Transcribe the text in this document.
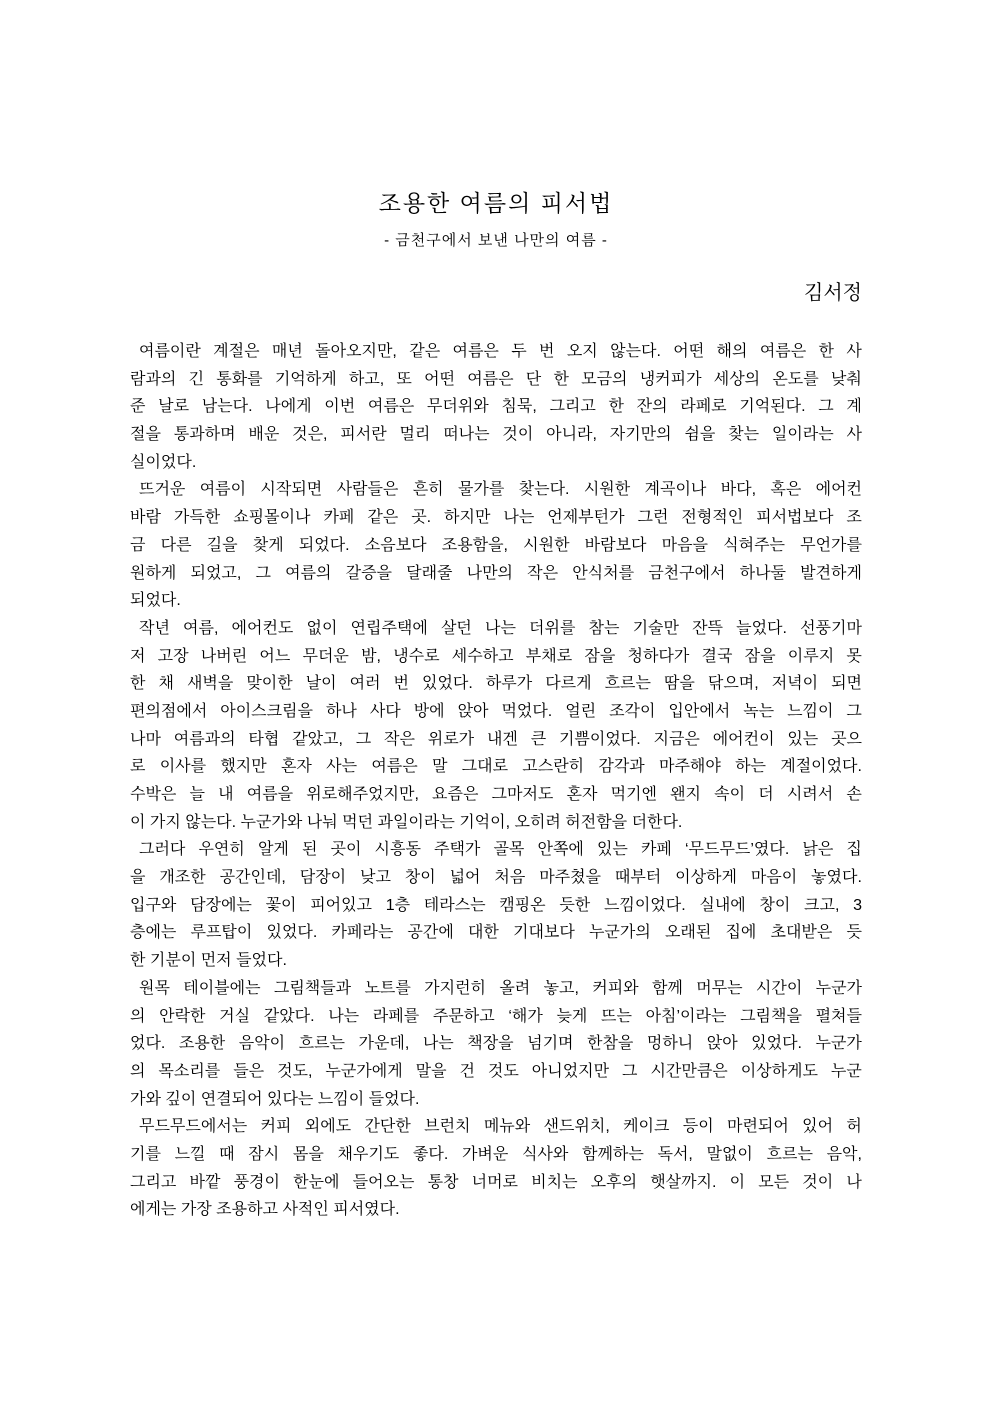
조용한 여름의 피서법
- 금천구에서 보낸 나만의 여름 -
김서정
여름이란 계절은 매년 돌아오지만, 같은 여름은 두 번 오지 않는다. 어떤 해의 여름은 한 사
람과의 긴 통화를 기억하게 하고, 또 어떤 여름은 단 한 모금의 냉커피가 세상의 온도를 낮춰
준 날로 남는다. 나에게 이번 여름은 무더위와 침묵, 그리고 한 잔의 라페로 기억된다. 그 계
절을 통과하며 배운 것은, 피서란 멀리 떠나는 것이 아니라, 자기만의 쉼을 찾는 일이라는 사
실이었다.
뜨거운 여름이 시작되면 사람들은 흔히 물가를 찾는다. 시원한 계곡이나 바다, 혹은 에어컨
바람 가득한 쇼핑몰이나 카페 같은 곳. 하지만 나는 언제부턴가 그런 전형적인 피서법보다 조
금 다른 길을 찾게 되었다. 소음보다 조용함을, 시원한 바람보다 마음을 식혀주는 무언가를
원하게 되었고, 그 여름의 갈증을 달래줄 나만의 작은 안식처를 금천구에서 하나둘 발견하게
되었다.
작년 여름, 에어컨도 없이 연립주택에 살던 나는 더위를 참는 기술만 잔뜩 늘었다. 선풍기마
저 고장 나버린 어느 무더운 밤, 냉수로 세수하고 부채로 잠을 청하다가 결국 잠을 이루지 못
한 채 새벽을 맞이한 날이 여러 번 있었다. 하루가 다르게 흐르는 땀을 닦으며, 저녁이 되면
편의점에서 아이스크림을 하나 사다 방에 앉아 먹었다. 얼린 조각이 입안에서 녹는 느낌이 그
나마 여름과의 타협 같았고, 그 작은 위로가 내겐 큰 기쁨이었다. 지금은 에어컨이 있는 곳으
로 이사를 했지만 혼자 사는 여름은 말 그대로 고스란히 감각과 마주해야 하는 계절이었다.
수박은 늘 내 여름을 위로해주었지만, 요즘은 그마저도 혼자 먹기엔 왠지 속이 더 시려서 손
이 가지 않는다. 누군가와 나눠 먹던 과일이라는 기억이, 오히려 허전함을 더한다.
그러다 우연히 알게 된 곳이 시흥동 주택가 골목 안쪽에 있는 카페 ‘무드무드’였다. 낡은 집
을 개조한 공간인데, 담장이 낮고 창이 넓어 처음 마주쳤을 때부터 이상하게 마음이 놓였다.
입구와 담장에는 꽃이 피어있고 1층 테라스는 캠핑온 듯한 느낌이었다. 실내에 창이 크고, 3
층에는 루프탑이 있었다. 카페라는 공간에 대한 기대보다 누군가의 오래된 집에 초대받은 듯
한 기분이 먼저 들었다.
원목 테이블에는 그림책들과 노트를 가지런히 올려 놓고, 커피와 함께 머무는 시간이 누군가
의 안락한 거실 같았다. 나는 라페를 주문하고 ‘해가 늦게 뜨는 아침’이라는 그림책을 펼쳐들
었다. 조용한 음악이 흐르는 가운데, 나는 책장을 넘기며 한참을 멍하니 앉아 있었다. 누군가
의 목소리를 들은 것도, 누군가에게 말을 건 것도 아니었지만 그 시간만큼은 이상하게도 누군
가와 깊이 연결되어 있다는 느낌이 들었다.
무드무드에서는 커피 외에도 간단한 브런치 메뉴와 샌드위치, 케이크 등이 마련되어 있어 허
기를 느낄 때 잠시 몸을 채우기도 좋다. 가벼운 식사와 함께하는 독서, 말없이 흐르는 음악,
그리고 바깥 풍경이 한눈에 들어오는 통창 너머로 비치는 오후의 햇살까지. 이 모든 것이 나
에게는 가장 조용하고 사적인 피서였다.
